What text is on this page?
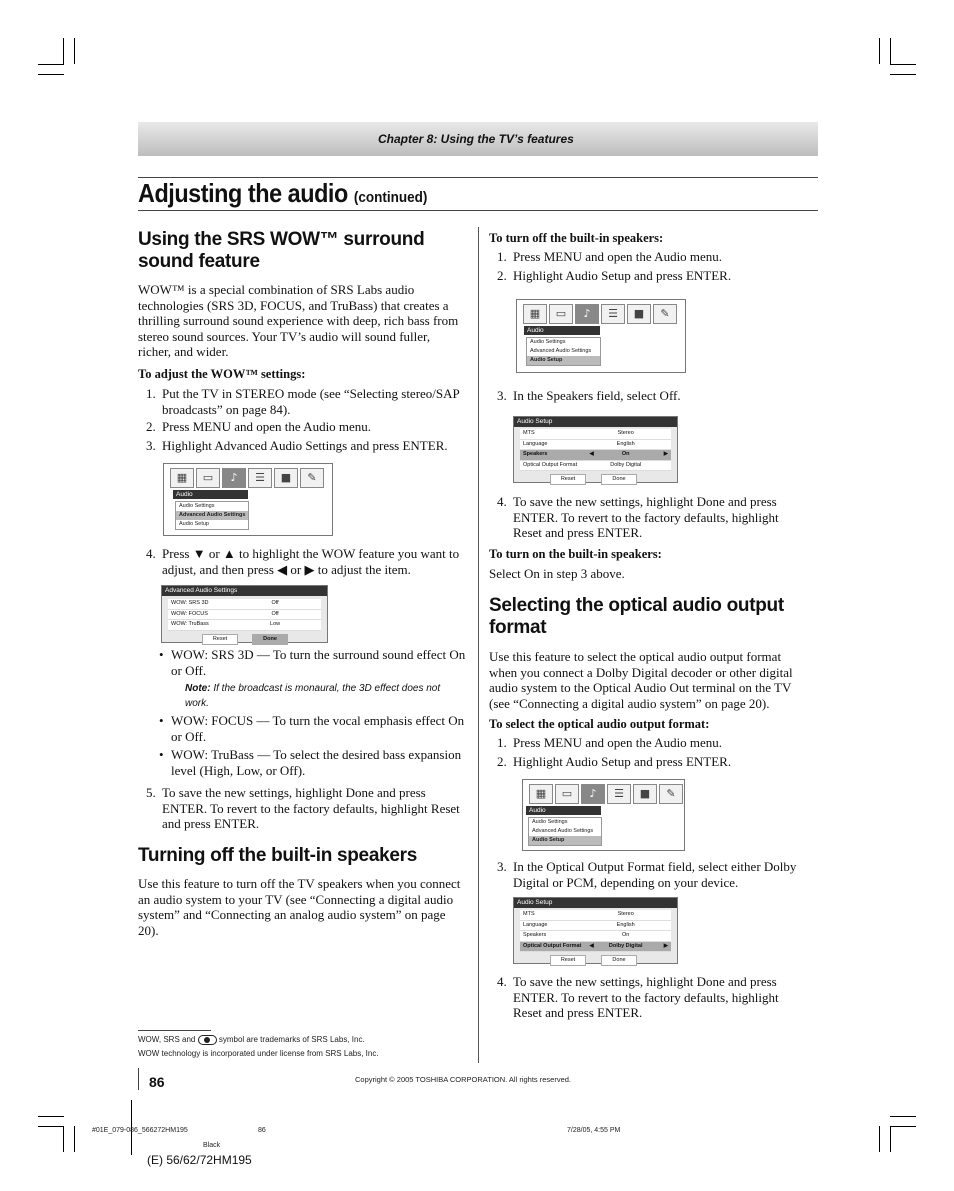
Chapter 8: Using the TV’s features
Adjusting the audio (continued)
Using the SRS WOW™ surround sound feature
WOW™ is a special combination of SRS Labs audio technologies (SRS 3D, FOCUS, and TruBass) that creates a thrilling surround sound experience with deep, rich bass from stereo sound sources. Your TV’s audio will sound fuller, richer, and wider.
To adjust the WOW™ settings:
1. Put the TV in STEREO mode (see “Selecting stereo/SAP broadcasts” on page 84).
2. Press MENU and open the Audio menu.
3. Highlight Advanced Audio Settings and press ENTER.
▦	▭	♪	☰	■	✎
Audio
Audio Settings
Advanced Audio Settings
Audio Setup
4. Press ▼ or ▲ to highlight the WOW feature you want to adjust, and then press ◀ or ▶ to adjust the item.
Advanced Audio Settings
WOW: SRS 3D	Off
WOW: FOCUS	Off
WOW: TruBass	Low
Reset	Done
• WOW: SRS 3D — To turn the surround sound effect On or Off.
Note: If the broadcast is monaural, the 3D effect does not work.
• WOW: FOCUS — To turn the vocal emphasis effect On or Off.
• WOW: TruBass — To select the desired bass expansion level (High, Low, or Off).
5. To save the new settings, highlight Done and press ENTER. To revert to the factory defaults, highlight Reset and press ENTER.
Turning off the built-in speakers
Use this feature to turn off the TV speakers when you connect an audio system to your TV (see “Connecting a digital audio system” and “Connecting an analog audio system” on page 20).
To turn off the built-in speakers:
1. Press MENU and open the Audio menu.
2. Highlight Audio Setup and press ENTER.
▦	▭	♪	☰	■	✎
Audio
Audio Settings
Advanced Audio Settings
Audio Setup
3. In the Speakers field, select Off.
Audio Setup
MTS	Stereo
Language	English
Speakers	◀	On	▶
Optical Output Format	Dolby Digital
Reset	Done
4. To save the new settings, highlight Done and press ENTER. To revert to the factory defaults, highlight Reset and press ENTER.
To turn on the built-in speakers:
Select On in step 3 above.
Selecting the optical audio output format
Use this feature to select the optical audio output format when you connect a Dolby Digital decoder or other digital audio system to the Optical Audio Out terminal on the TV (see “Connecting a digital audio system” on page 20).
To select the optical audio output format:
1. Press MENU and open the Audio menu.
2. Highlight Audio Setup and press ENTER.
▦	▭	♪	☰	■	✎
Audio
Audio Settings
Advanced Audio Settings
Audio Setup
3. In the Optical Output Format field, select either Dolby Digital or PCM, depending on your device.
Audio Setup
MTS	Stereo
Language	English
Speakers	On
Optical Output Format ◀	Dolby Digital	▶
Reset	Done
4. To save the new settings, highlight Done and press ENTER. To revert to the factory defaults, highlight Reset and press ENTER.
WOW, SRS and	symbol are trademarks of SRS Labs, Inc.
WOW technology is incorporated under license from SRS Labs, Inc.
86	Copyright © 2005 TOSHIBA CORPORATION. All rights reserved.
#01E_079-086_566272HM195	86	7/28/05, 4:55 PM
Black
(E) 56/62/72HM195
